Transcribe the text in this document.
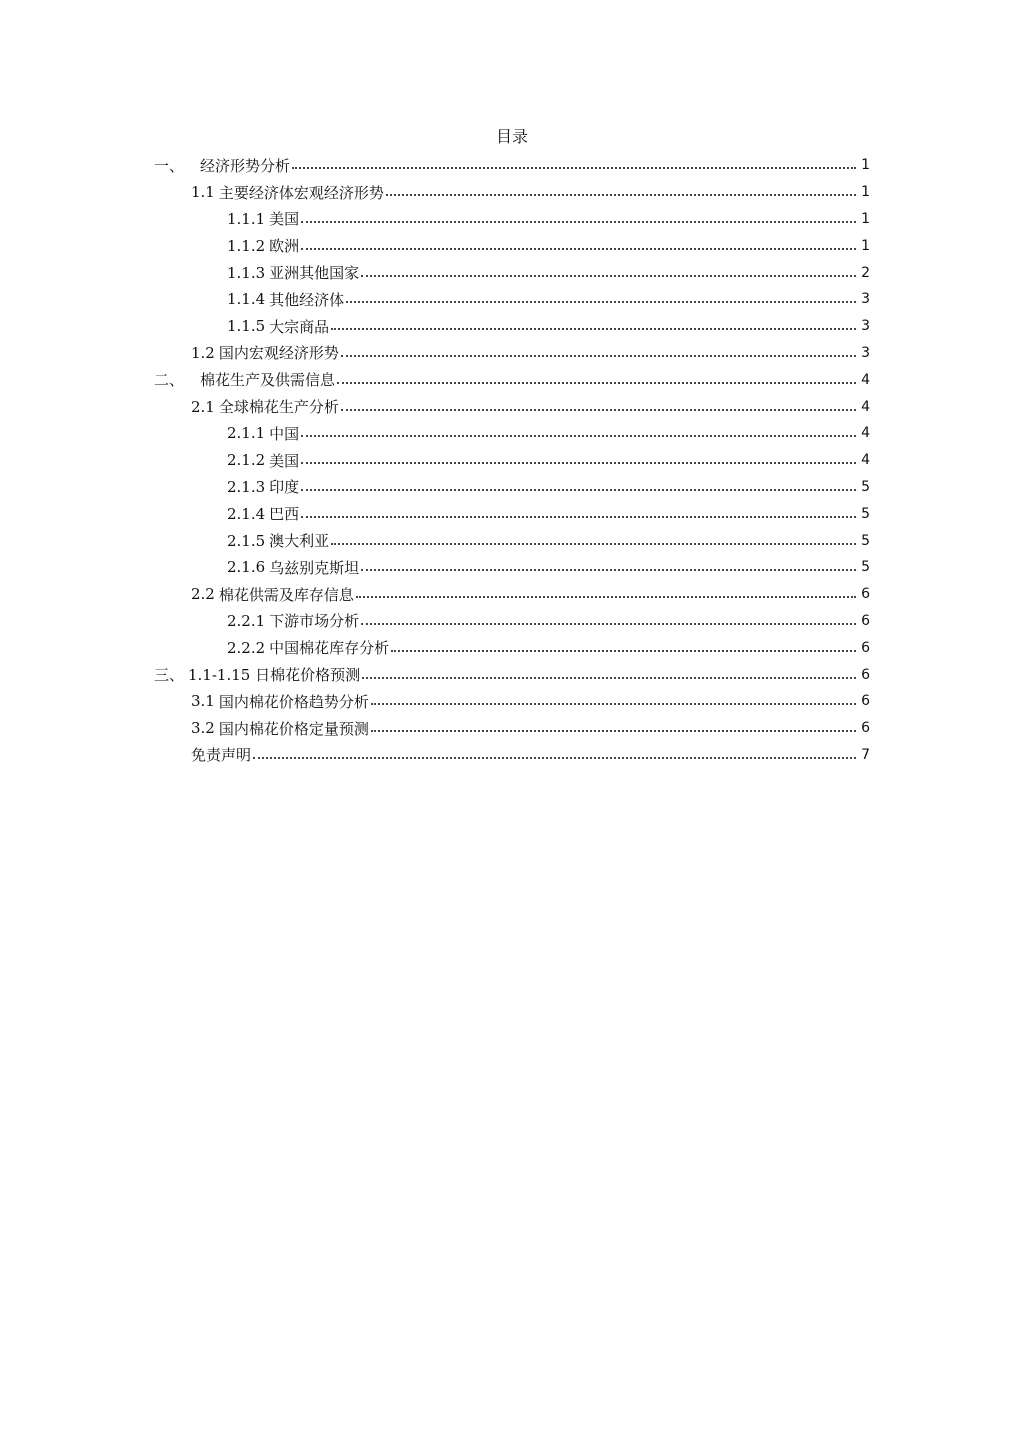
目录
一、	经济形势分析	1
1.1 主要经济体宏观经济形势	1
1.1.1 美国	1
1.1.2 欧洲	1
1.1.3 亚洲其他国家	2
1.1.4 其他经济体	3
1.1.5 大宗商品	3
1.2 国内宏观经济形势	3
二、	棉花生产及供需信息	4
2.1 全球棉花生产分析	4
2.1.1 中国	4
2.1.2 美国	4
2.1.3 印度	5
2.1.4 巴西	5
2.1.5 澳大利亚	5
2.1.6 乌兹别克斯坦	5
2.2 棉花供需及库存信息	6
2.2.1 下游市场分析	6
2.2.2 中国棉花库存分析	6
三、 1.1-1.15 日棉花价格预测	6
3.1 国内棉花价格趋势分析	6
3.2 国内棉花价格定量预测	6
免责声明	7
